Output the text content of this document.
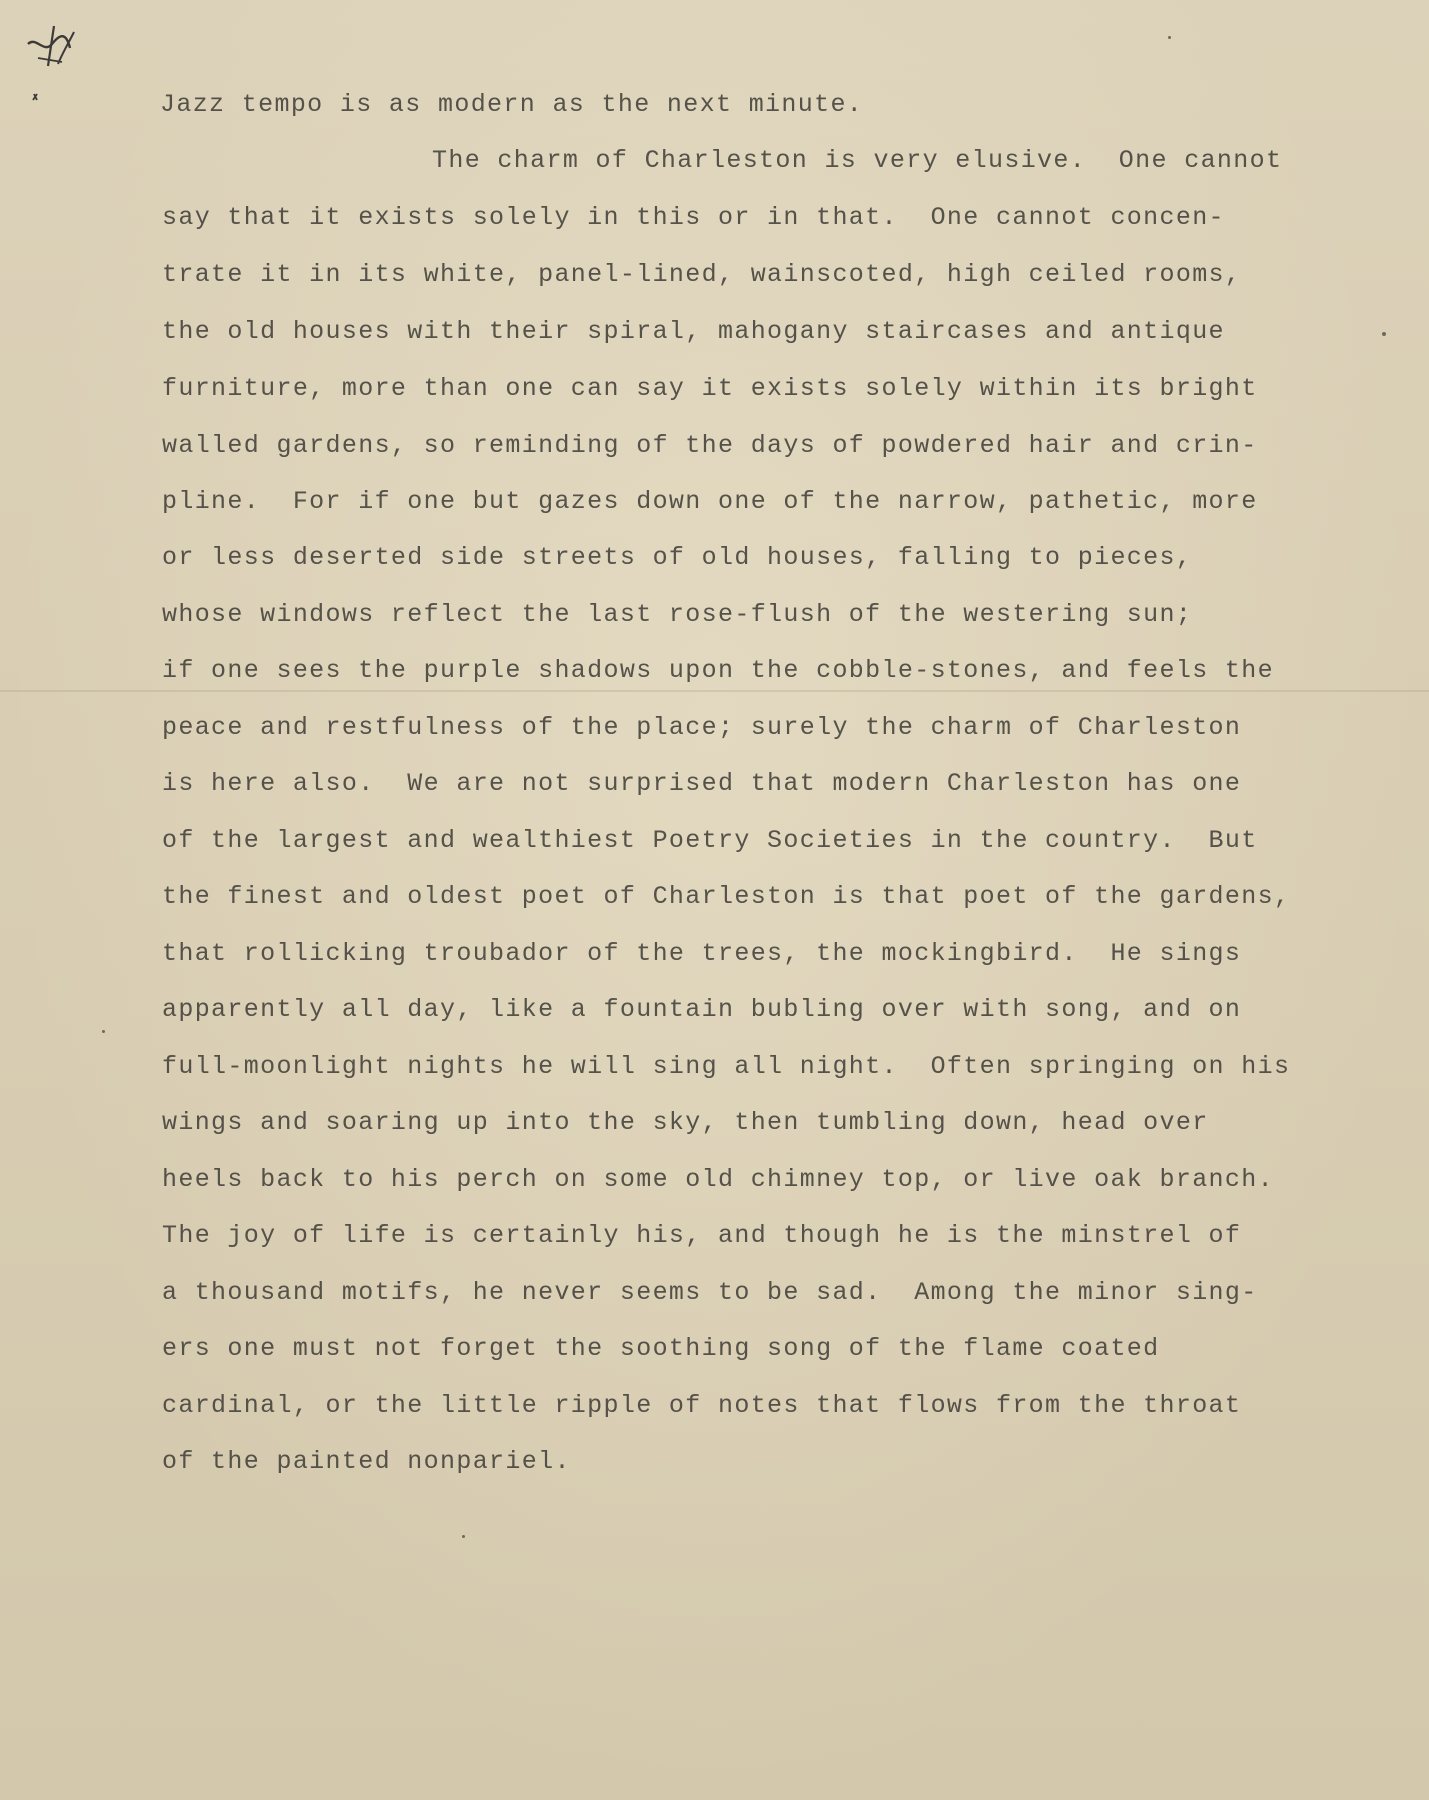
Jazz tempo is as modern as the next minute.
The charm of Charleston is very elusive.  One cannot
say that it exists solely in this or in that.  One cannot concen-
trate it in its white, panel-lined, wainscoted, high ceiled rooms,
the old houses with their spiral, mahogany staircases and antique
furniture, more than one can say it exists solely within its bright
walled gardens, so reminding of the days of powdered hair and crin-
pline.  For if one but gazes down one of the narrow, pathetic, more
or less deserted side streets of old houses, falling to pieces,
whose windows reflect the last rose-flush of the westering sun;
if one sees the purple shadows upon the cobble-stones, and feels the
peace and restfulness of the place; surely the charm of Charleston
is here also.  We are not surprised that modern Charleston has one
of the largest and wealthiest Poetry Societies in the country.  But
the finest and oldest poet of Charleston is that poet of the gardens,
that rollicking troubador of the trees, the mockingbird.  He sings
apparently all day, like a fountain bubling over with song, and on
full-moonlight nights he will sing all night.  Often springing on his
wings and soaring up into the sky, then tumbling down, head over
heels back to his perch on some old chimney top, or live oak branch.
The joy of life is certainly his, and though he is the minstrel of
a thousand motifs, he never seems to be sad.  Among the minor sing-
ers one must not forget the soothing song of the flame coated
cardinal, or the little ripple of notes that flows from the throat
of the painted nonpariel.
